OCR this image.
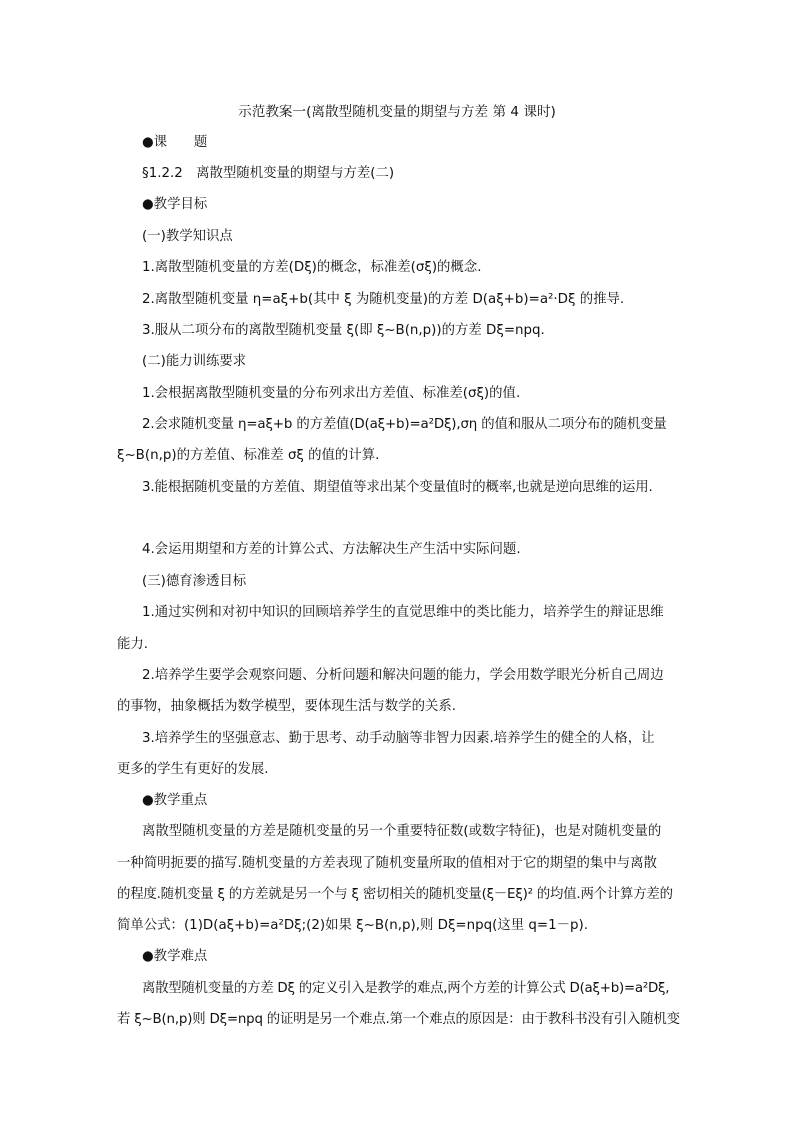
示范教案一(离散型随机变量的期望与方差 第 4 课时)
●课　　题
§1.2.2　离散型随机变量的期望与方差(二)
●教学目标
(一)教学知识点
1.离散型随机变量的方差(Dξ)的概念，标准差(σξ)的概念.
2.离散型随机变量 η=aξ+b(其中 ξ 为随机变量)的方差 D(aξ+b)=a²·Dξ 的推导.
3.服从二项分布的离散型随机变量 ξ(即 ξ~B(n,p))的方差 Dξ=npq.
(二)能力训练要求
1.会根据离散型随机变量的分布列求出方差值、标准差(σξ)的值.
2.会求随机变量 η=aξ+b 的方差值(D(aξ+b)=a²Dξ),ση 的值和服从二项分布的随机变量
ξ~B(n,p)的方差值、标准差 σξ 的值的计算.
3.能根据随机变量的方差值、期望值等求出某个变量值时的概率,也就是逆向思维的运用.
4.会运用期望和方差的计算公式、方法解决生产生活中实际问题.
(三)德育渗透目标
1.通过实例和对初中知识的回顾培养学生的直觉思维中的类比能力，培养学生的辩证思维
能力.
2.培养学生要学会观察问题、分析问题和解决问题的能力，学会用数学眼光分析自己周边
的事物，抽象概括为数学模型，要体现生活与数学的关系.
3.培养学生的坚强意志、勤于思考、动手动脑等非智力因素.培养学生的健全的人格，让
更多的学生有更好的发展.
●教学重点
离散型随机变量的方差是随机变量的另一个重要特征数(或数字特征)，也是对随机变量的
一种简明扼要的描写.随机变量的方差表现了随机变量所取的值相对于它的期望的集中与离散
的程度.随机变量 ξ 的方差就是另一个与 ξ 密切相关的随机变量(ξ－Eξ)² 的均值.两个计算方差的
简单公式：(1)D(aξ+b)=a²Dξ;(2)如果 ξ~B(n,p),则 Dξ=npq(这里 q=1－p).
●教学难点
离散型随机变量的方差 Dξ 的定义引入是教学的难点,两个方差的计算公式 D(aξ+b)=a²Dξ,
若 ξ~B(n,p)则 Dξ=npq 的证明是另一个难点.第一个难点的原因是：由于教科书没有引入随机变
